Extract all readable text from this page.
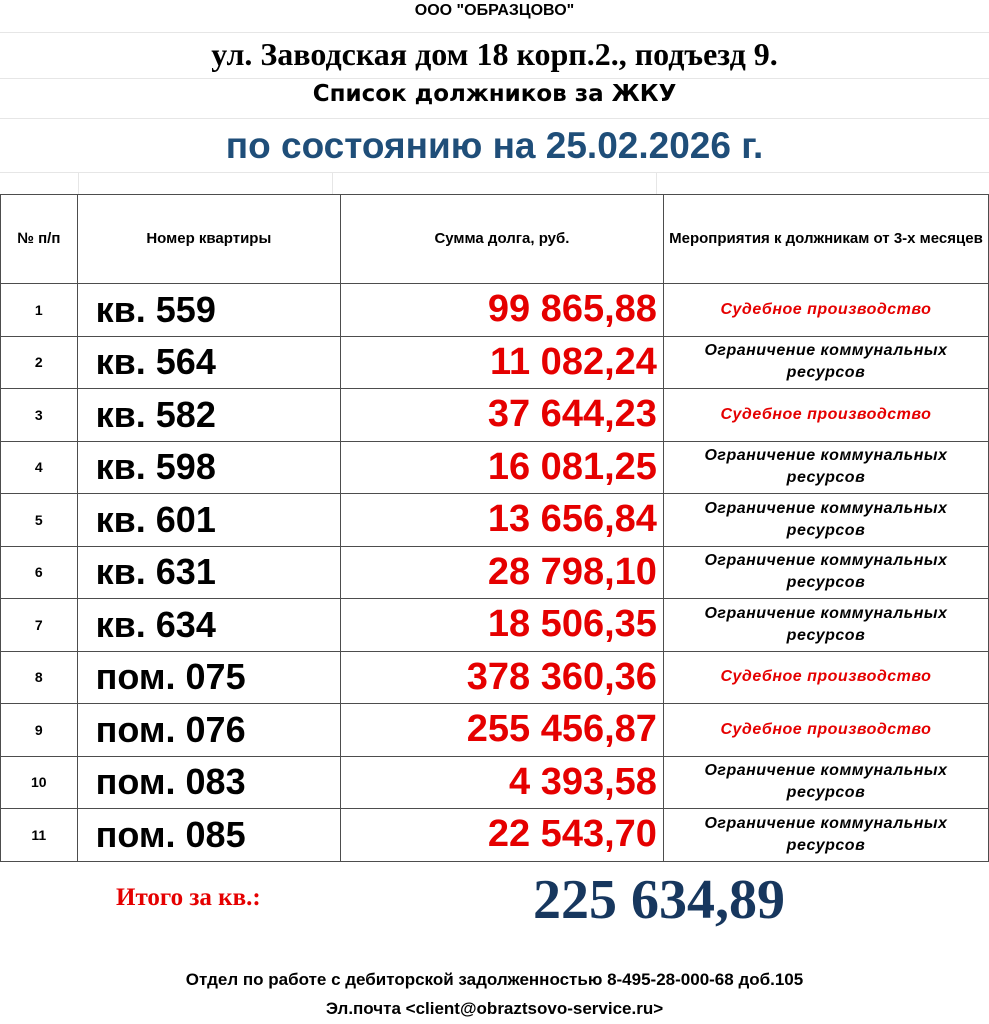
ООО "ОБРАЗЦОВО"
ул. Заводская дом 18 корп.2., подъезд 9.
Список должников за ЖКУ
по состоянию на 25.02.2026 г.
№ п/п	Номер квартиры	Сумма долга, руб.	Мероприятия к должникам от 3-х месяцев
1	кв. 559	99 865,88	Судебное производство
2	кв. 564	11 082,24	Ограничение коммунальных ресурсов
3	кв. 582	37 644,23	Судебное производство
4	кв. 598	16 081,25	Ограничение коммунальных ресурсов
5	кв. 601	13 656,84	Ограничение коммунальных ресурсов
6	кв. 631	28 798,10	Ограничение коммунальных ресурсов
7	кв. 634	18 506,35	Ограничение коммунальных ресурсов
8	пом. 075	378 360,36	Судебное производство
9	пом. 076	255 456,87	Судебное производство
10	пом. 083	4 393,58	Ограничение коммунальных ресурсов
11	пом. 085	22 543,70	Ограничение коммунальных ресурсов
Итого за кв.:	225 634,89
Отдел по работе с дебиторской задолженностью 8-495-28-000-68 доб.105
Эл.почта <client@obraztsovo-service.ru>
